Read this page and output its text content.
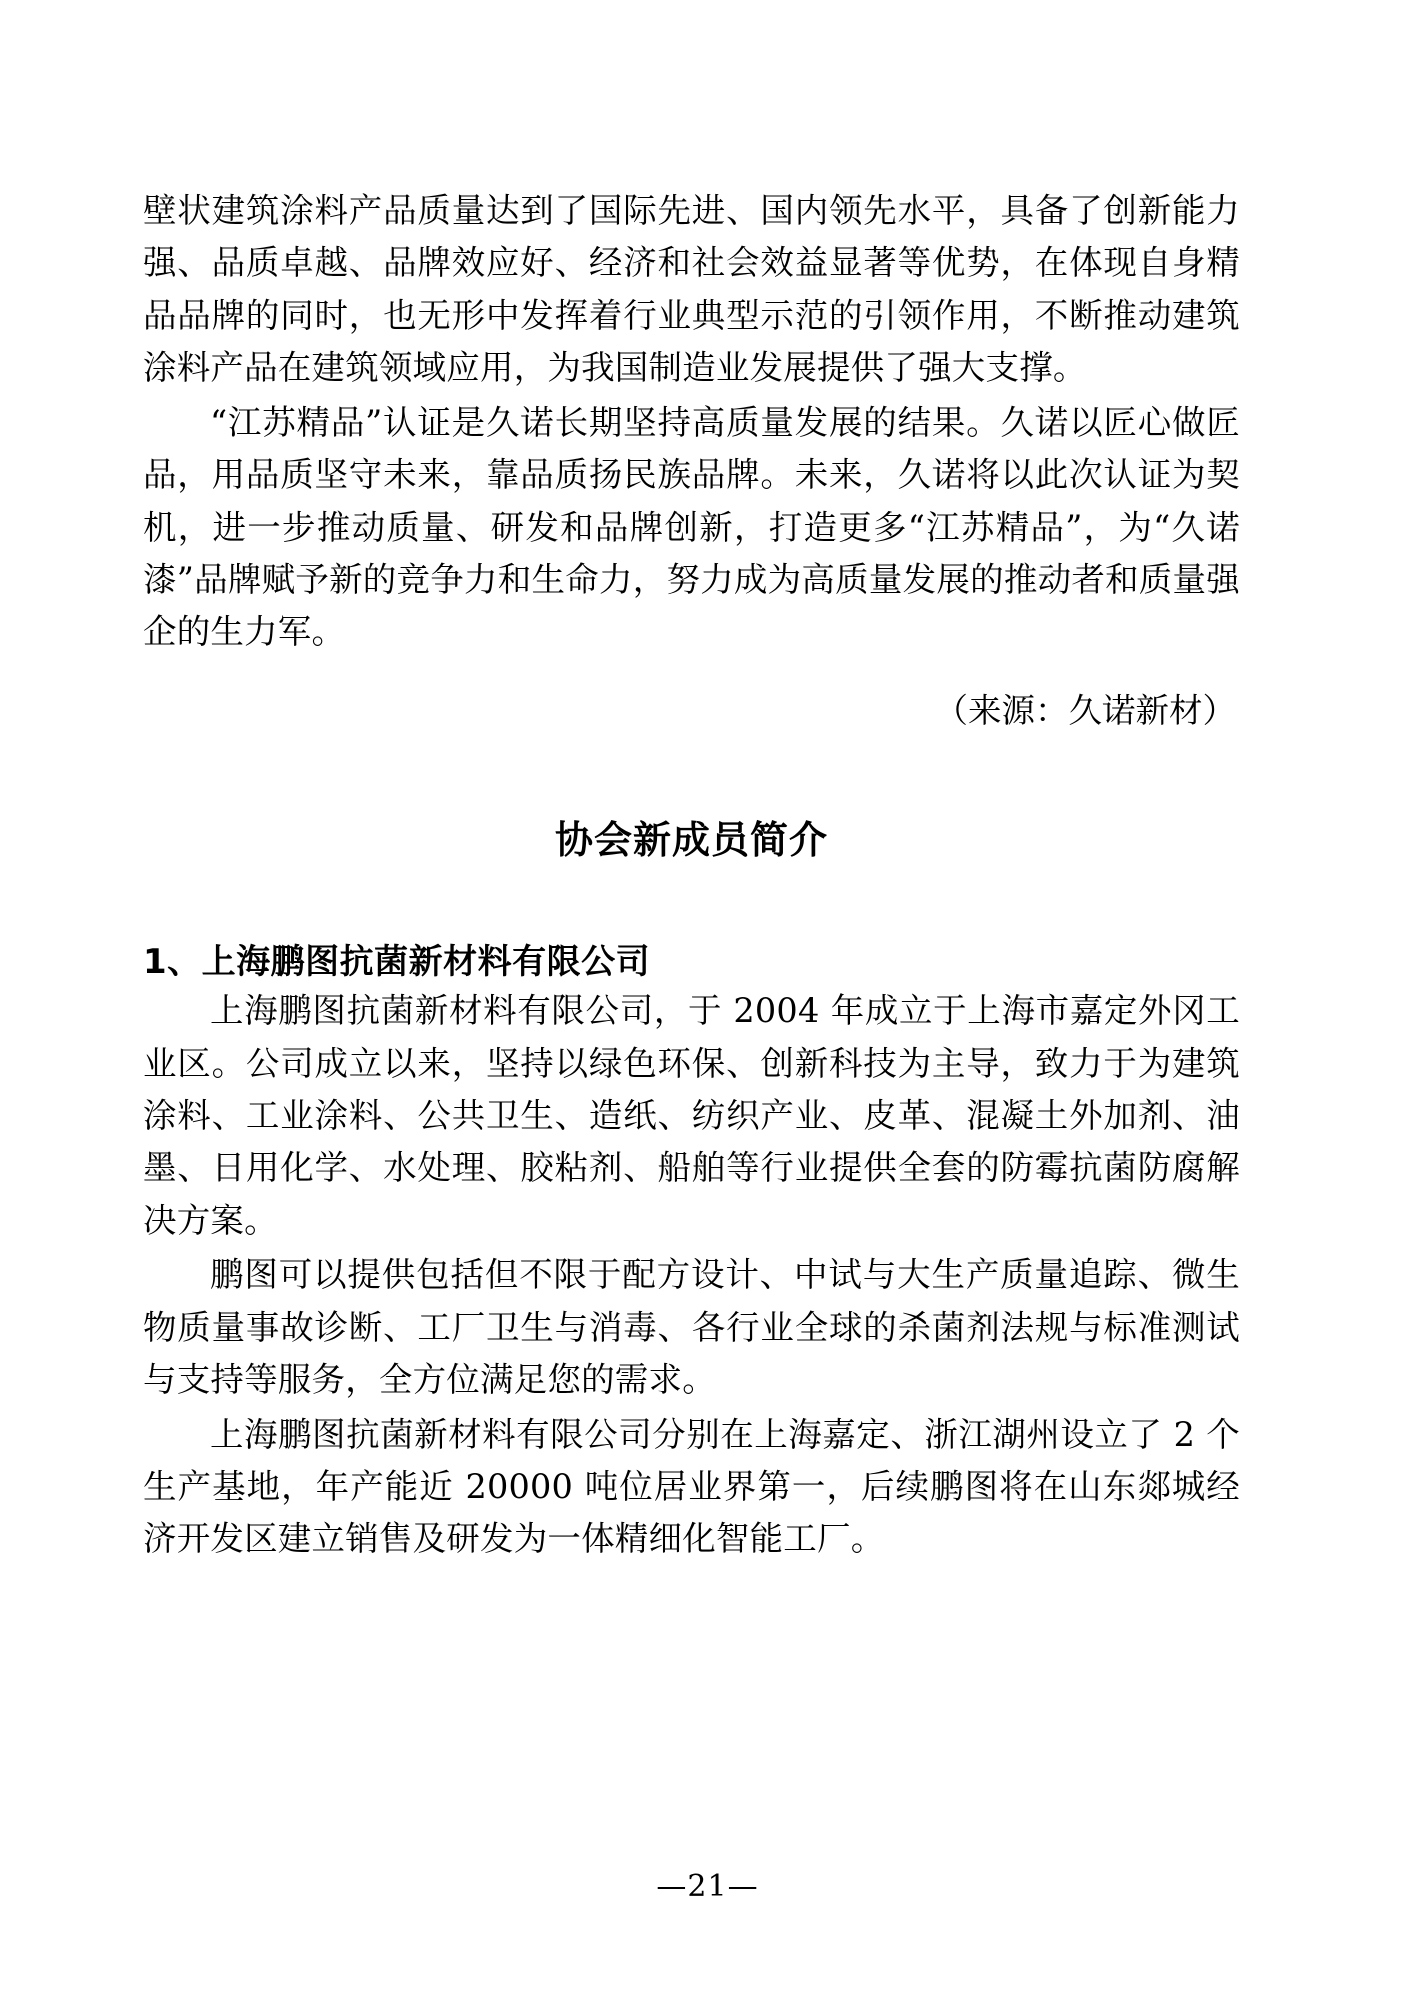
壁状建筑涂料产品质量达到了国际先进、国内领先水平，具备了创新能力强、品质卓越、品牌效应好、经济和社会效益显著等优势，在体现自身精品品牌的同时，也无形中发挥着行业典型示范的引领作用，不断推动建筑涂料产品在建筑领域应用，为我国制造业发展提供了强大支撑。

“江苏精品”认证是久诺长期坚持高质量发展的结果。久诺以匠心做匠品，用品质坚守未来，靠品质扬民族品牌。未来，久诺将以此次认证为契机，进一步推动质量、研发和品牌创新，打造更多“江苏精品”，为“久诺漆”品牌赋予新的竞争力和生命力，努力成为高质量发展的推动者和质量强企的生力军。

（来源：久诺新材）

协会新成员简介
1、上海鹏图抗菌新材料有限公司

上海鹏图抗菌新材料有限公司，于 2004 年成立于上海市嘉定外冈工业区。公司成立以来，坚持以绿色环保、创新科技为主导，致力于为建筑涂料、工业涂料、公共卫生、造纸、纺织产业、皮革、混凝土外加剂、油墨、日用化学、水处理、胶粘剂、船舶等行业提供全套的防霉抗菌防腐解决方案。

鹏图可以提供包括但不限于配方设计、中试与大生产质量追踪、微生物质量事故诊断、工厂卫生与消毒、各行业全球的杀菌剂法规与标准测试与支持等服务，全方位满足您的需求。

上海鹏图抗菌新材料有限公司分别在上海嘉定、浙江湖州设立了 2 个生产基地，年产能近 20000 吨位居业界第一，后续鹏图将在山东郯城经济开发区建立销售及研发为一体精细化智能工厂。

—21—
